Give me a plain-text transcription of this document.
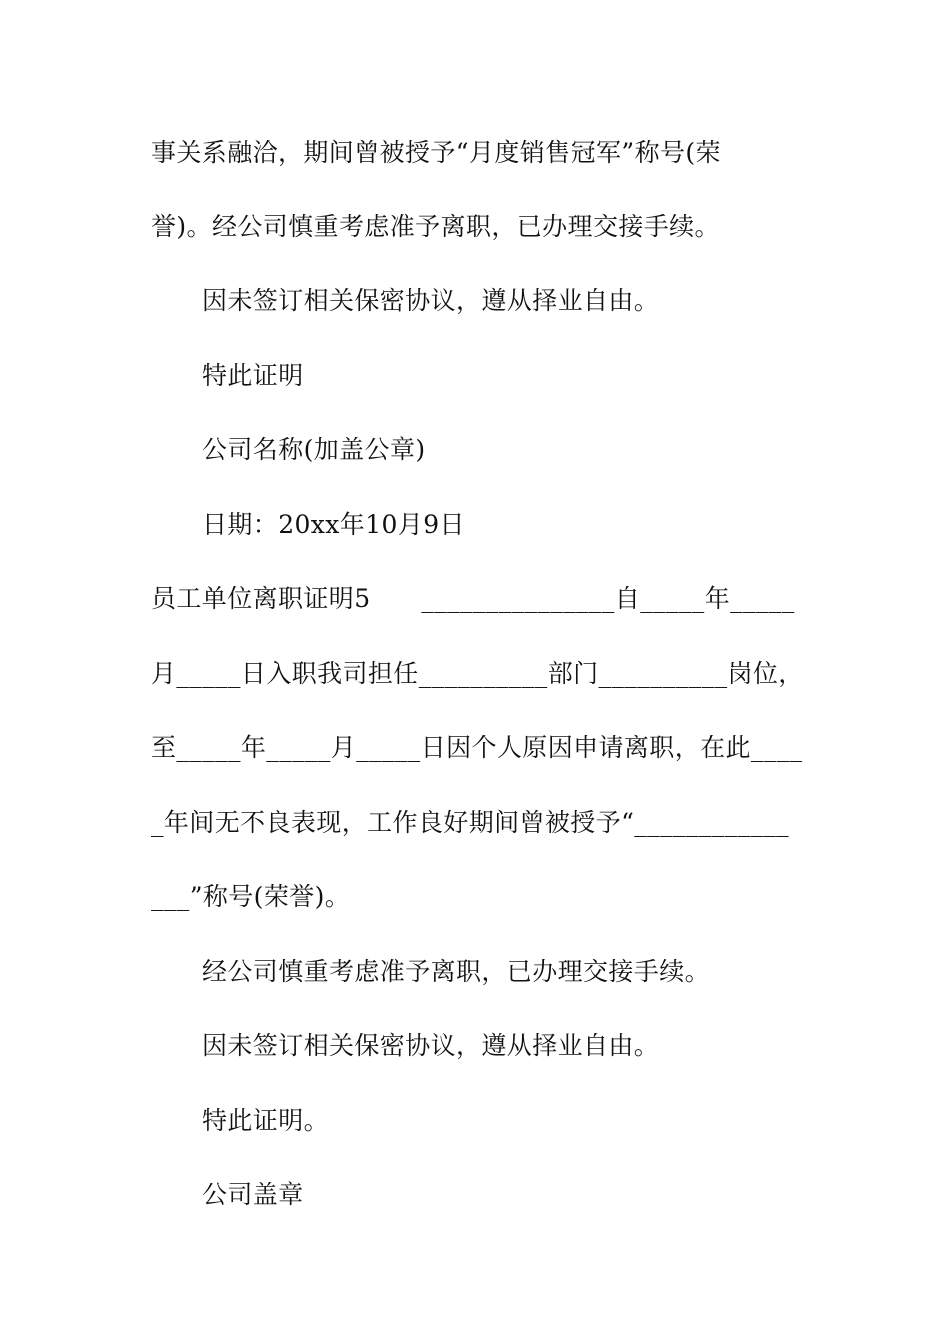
事关系融洽，期间曾被授予“月度销售冠军”称号(荣
誉)。经公司慎重考虑准予离职，已办理交接手续。
因未签订相关保密协议，遵从择业自由。
特此证明
公司名称(加盖公章)
日期：20xx年10月9日
员工单位离职证明5　　_______________自_____年_____
月_____日入职我司担任__________部门__________岗位，
至_____年_____月_____日因个人原因申请离职，在此____
_年间无不良表现，工作良好期间曾被授予“____________
___”称号(荣誉)。
经公司慎重考虑准予离职，已办理交接手续。
因未签订相关保密协议，遵从择业自由。
特此证明。
公司盖章
